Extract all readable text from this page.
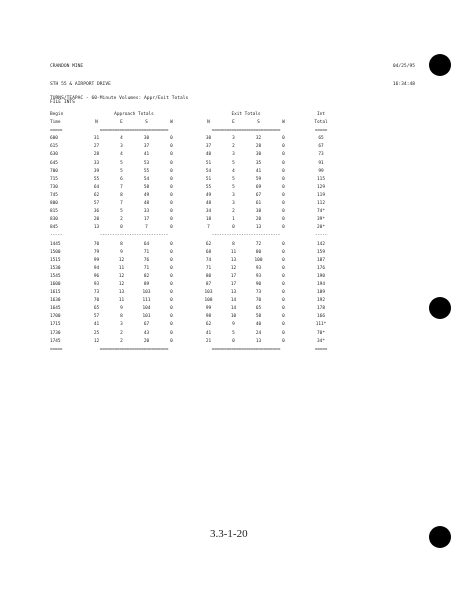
CRANDON MINE

STH 55 & AIRPORT DRIVE

FILE INTS

04/25/95

16:34:48

TURNS/TEAPAC - 60-Minute Volumes: Appr/Exit Totals
Begin	Approach Totals					Exit Totals				Int
Time	N	E	S	W		N	E	S	W	Total
=====	============================					============================				=====
600	31	4	30	0		30	3	32	0	65
615	27	3	37	0		37	2	28	0	67
630	28	4	41	0		40	3	30	0	73
645	33	5	53	0		51	5	35	0	91
700	39	5	55	0		54	4	41	0	99
715	55	6	54	0		51	5	59	0	115
730	64	7	58	0		55	5	69	0	129
745	62	8	49	0		49	3	67	0	119
800	57	7	48	0		48	3	61	0	112
815	36	5	33	0		34	2	38	0	74*
830	20	2	17	0		18	1	20	0	39*
845	13	0	7	0		7	0	13	0	20*
-----	----------------------------					----------------------------				-----
1445	70	8	64	0		62	8	72	0	142
1500	79	9	71	0		68	11	80	0	159
1515	99	12	76	0		74	13	100	0	187
1530	94	11	71	0		71	12	93	0	176
1545	96	12	82	0		80	17	93	0	190
1600	93	12	89	0		87	17	90	0	194
1615	73	13	103	0		103	13	73	0	189
1630	70	11	111	0		108	14	70	0	192
1645	65	9	104	0		99	14	65	0	178
1700	57	8	101	0		98	10	58	0	166
1715	41	3	67	0		62	9	40	0	111*
1730	25	2	43	0		41	5	24	0	70*
1745	12	2	20	0		21	0	13	0	34*
=====	============================					============================				=====
3.3-1-20
